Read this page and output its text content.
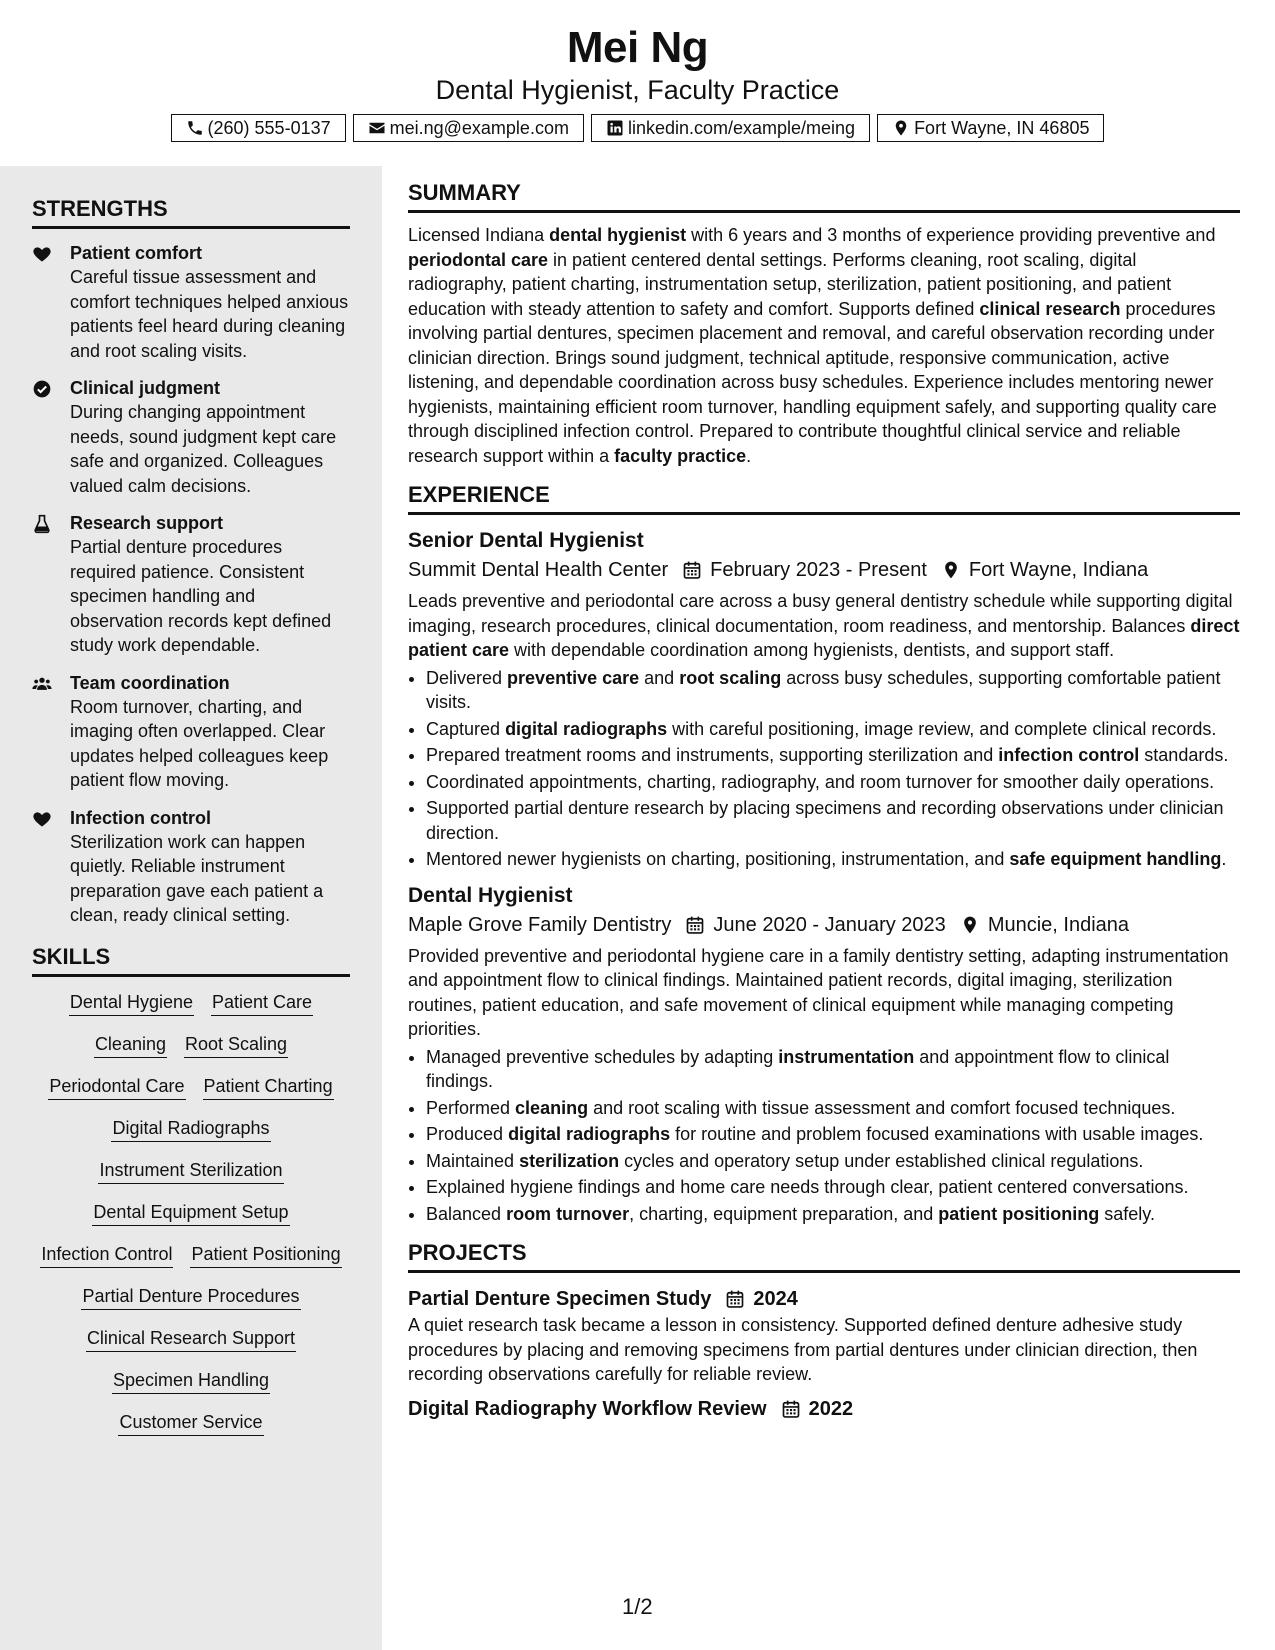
Mei Ng
Dental Hygienist, Faculty Practice
(260) 555-0137	mei.ng@example.com	linkedin.com/example/meing	Fort Wayne, IN 46805
STRENGTHS
Patient comfort
Careful tissue assessment and comfort techniques helped anxious patients feel heard during cleaning and root scaling visits.
Clinical judgment
During changing appointment needs, sound judgment kept care safe and organized. Colleagues valued calm decisions.
Research support
Partial denture procedures required patience. Consistent specimen handling and observation records kept defined study work dependable.
Team coordination
Room turnover, charting, and imaging often overlapped. Clear updates helped colleagues keep patient flow moving.
Infection control
Sterilization work can happen quietly. Reliable instrument preparation gave each patient a clean, ready clinical setting.
SKILLS
Dental Hygiene Patient Care
Cleaning Root Scaling
Periodontal Care Patient Charting
Digital Radiographs
Instrument Sterilization
Dental Equipment Setup
Infection Control Patient Positioning
Partial Denture Procedures
Clinical Research Support
Specimen Handling
Customer Service
SUMMARY
Licensed Indiana dental hygienist with 6 years and 3 months of experience providing preventive and periodontal care in patient centered dental settings. Performs cleaning, root scaling, digital radiography, patient charting, instrumentation setup, sterilization, patient positioning, and patient education with steady attention to safety and comfort. Supports defined clinical research procedures involving partial dentures, specimen placement and removal, and careful observation recording under clinician direction. Brings sound judgment, technical aptitude, responsive communication, active listening, and dependable coordination across busy schedules. Experience includes mentoring newer hygienists, maintaining efficient room turnover, handling equipment safely, and supporting quality care through disciplined infection control. Prepared to contribute thoughtful clinical service and reliable research support within a faculty practice.
EXPERIENCE
Senior Dental Hygienist
Summit Dental Health Center February 2023 - Present Fort Wayne, Indiana
Leads preventive and periodontal care across a busy general dentistry schedule while supporting digital imaging, research procedures, clinical documentation, room readiness, and mentorship. Balances direct patient care with dependable coordination among hygienists, dentists, and support staff.
• Delivered preventive care and root scaling across busy schedules, supporting comfortable patient visits.
• Captured digital radiographs with careful positioning, image review, and complete clinical records.
• Prepared treatment rooms and instruments, supporting sterilization and infection control standards.
• Coordinated appointments, charting, radiography, and room turnover for smoother daily operations.
• Supported partial denture research by placing specimens and recording observations under clinician direction.
• Mentored newer hygienists on charting, positioning, instrumentation, and safe equipment handling.
Dental Hygienist
Maple Grove Family Dentistry June 2020 - January 2023 Muncie, Indiana
Provided preventive and periodontal hygiene care in a family dentistry setting, adapting instrumentation and appointment flow to clinical findings. Maintained patient records, digital imaging, sterilization routines, patient education, and safe movement of clinical equipment while managing competing priorities.
• Managed preventive schedules by adapting instrumentation and appointment flow to clinical findings.
• Performed cleaning and root scaling with tissue assessment and comfort focused techniques.
• Produced digital radiographs for routine and problem focused examinations with usable images.
• Maintained sterilization cycles and operatory setup under established clinical regulations.
• Explained hygiene findings and home care needs through clear, patient centered conversations.
• Balanced room turnover, charting, equipment preparation, and patient positioning safely.
PROJECTS
Partial Denture Specimen Study 2024
A quiet research task became a lesson in consistency. Supported defined denture adhesive study procedures by placing and removing specimens from partial dentures under clinician direction, then recording observations carefully for reliable review.
Digital Radiography Workflow Review 2022
1/2
